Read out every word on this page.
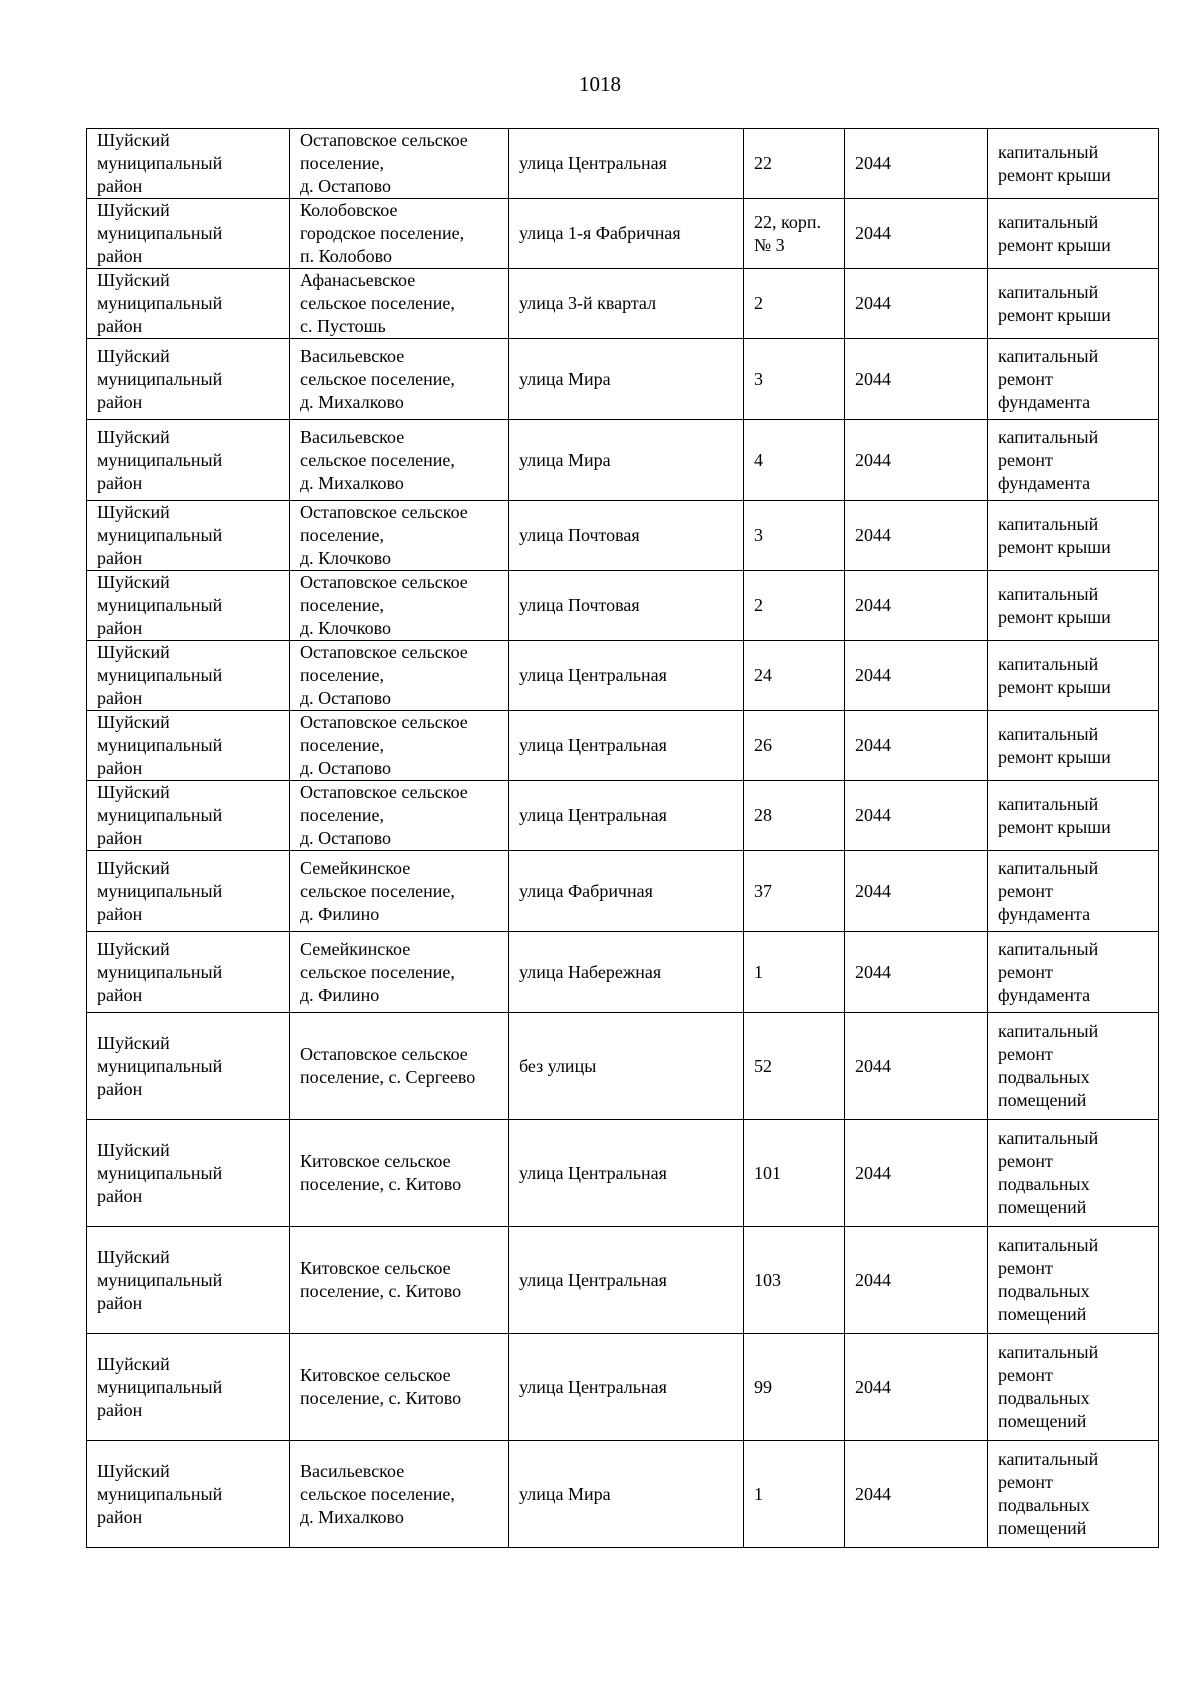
1018
Шуйский
муниципальный
район	Остаповское сельское
поселение,
д. Остапово	улица Центральная	22	2044	капитальный
ремонт крыши
Шуйский
муниципальный
район	Колобовское
городское поселение,
п. Колобово	улица 1-я Фабричная	22, корп.
№ 3	2044	капитальный
ремонт крыши
Шуйский
муниципальный
район	Афанасьевское
сельское поселение,
с. Пустошь	улица 3-й квартал	2	2044	капитальный
ремонт крыши
Шуйский
муниципальный
район	Васильевское
сельское поселение,
д. Михалково	улица Мира	3	2044	капитальный
ремонт
фундамента
Шуйский
муниципальный
район	Васильевское
сельское поселение,
д. Михалково	улица Мира	4	2044	капитальный
ремонт
фундамента
Шуйский
муниципальный
район	Остаповское сельское
поселение,
д. Клочково	улица Почтовая	3	2044	капитальный
ремонт крыши
Шуйский
муниципальный
район	Остаповское сельское
поселение,
д. Клочково	улица Почтовая	2	2044	капитальный
ремонт крыши
Шуйский
муниципальный
район	Остаповское сельское
поселение,
д. Остапово	улица Центральная	24	2044	капитальный
ремонт крыши
Шуйский
муниципальный
район	Остаповское сельское
поселение,
д. Остапово	улица Центральная	26	2044	капитальный
ремонт крыши
Шуйский
муниципальный
район	Остаповское сельское
поселение,
д. Остапово	улица Центральная	28	2044	капитальный
ремонт крыши
Шуйский
муниципальный
район	Семейкинское
сельское поселение,
д. Филино	улица Фабричная	37	2044	капитальный
ремонт
фундамента
Шуйский
муниципальный
район	Семейкинское
сельское поселение,
д. Филино	улица Набережная	1	2044	капитальный
ремонт
фундамента
Шуйский
муниципальный
район	Остаповское сельское
поселение, с. Сергеево	без улицы	52	2044	капитальный
ремонт
подвальных
помещений
Шуйский
муниципальный
район	Китовское сельское
поселение, с. Китово	улица Центральная	101	2044	капитальный
ремонт
подвальных
помещений
Шуйский
муниципальный
район	Китовское сельское
поселение, с. Китово	улица Центральная	103	2044	капитальный
ремонт
подвальных
помещений
Шуйский
муниципальный
район	Китовское сельское
поселение, с. Китово	улица Центральная	99	2044	капитальный
ремонт
подвальных
помещений
Шуйский
муниципальный
район	Васильевское
сельское поселение,
д. Михалково	улица Мира	1	2044	капитальный
ремонт
подвальных
помещений
